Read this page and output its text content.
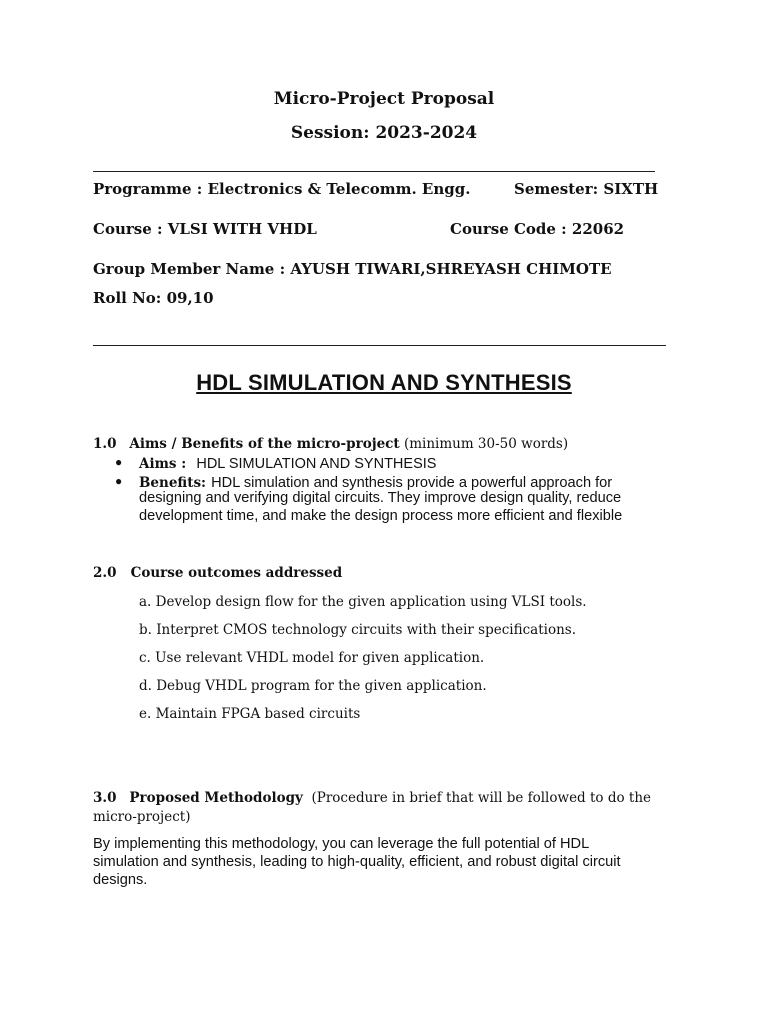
Micro-Project Proposal
Session: 2023-2024
Programme : Electronics & Telecomm. Engg.	Semester: SIXTH
Course : VLSI WITH VHDL	Course Code : 22062
Group Member Name : AYUSH TIWARI,SHREYASH CHIMOTE
Roll No: 09,10
HDL SIMULATION AND SYNTHESIS
1.0 Aims / Benefits of the micro-project (minimum 30-50 words)
● Aims : HDL SIMULATION AND SYNTHESIS
● Benefits: HDL simulation and synthesis provide a powerful approach for
designing and verifying digital circuits. They improve design quality, reduce
development time, and make the design process more efficient and flexible
2.0 Course outcomes addressed
a. Develop design flow for the given application using VLSI tools.
b. Interpret CMOS technology circuits with their specifications.
c. Use relevant VHDL model for given application.
d. Debug VHDL program for the given application.
e. Maintain FPGA based circuits
3.0 Proposed Methodology (Procedure in brief that will be followed to do the
micro-project)
By implementing this methodology, you can leverage the full potential of HDL
simulation and synthesis, leading to high-quality, efficient, and robust digital circuit
designs.
